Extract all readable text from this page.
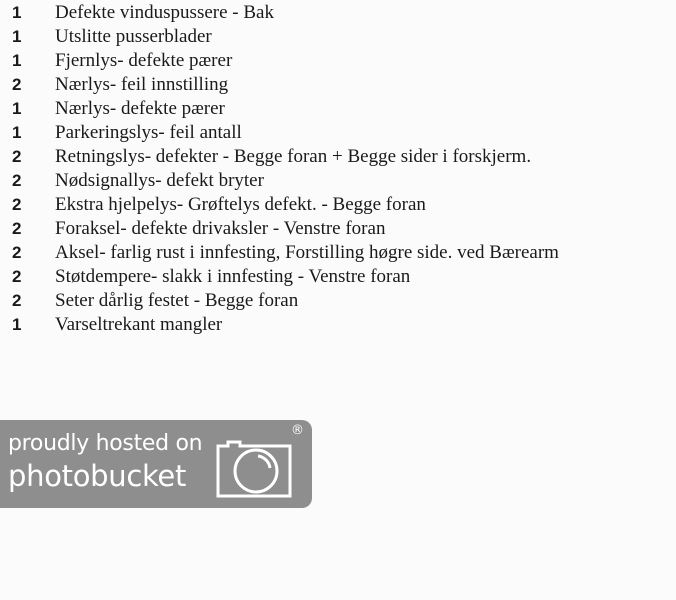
1 Defekte vinduspussere - Bak
1 Utslitte pusserblader
1 Fjernlys- defekte pærer
2 Nærlys- feil innstilling
1 Nærlys- defekte pærer
1 Parkeringslys- feil antall
2 Retningslys- defekter - Begge foran + Begge sider i forskjerm.
2 Nødsignallys- defekt bryter
2 Ekstra hjelpelys- Grøftelys defekt. - Begge foran
2 Foraksel- defekte drivaksler - Venstre foran
2 Aksel- farlig rust i innfesting, Forstilling høgre side. ved Bærearm
2 Støtdempere- slakk i innfesting - Venstre foran
2 Seter dårlig festet - Begge foran
1 Varseltrekant mangler
proudly hosted on
photobucket
®
